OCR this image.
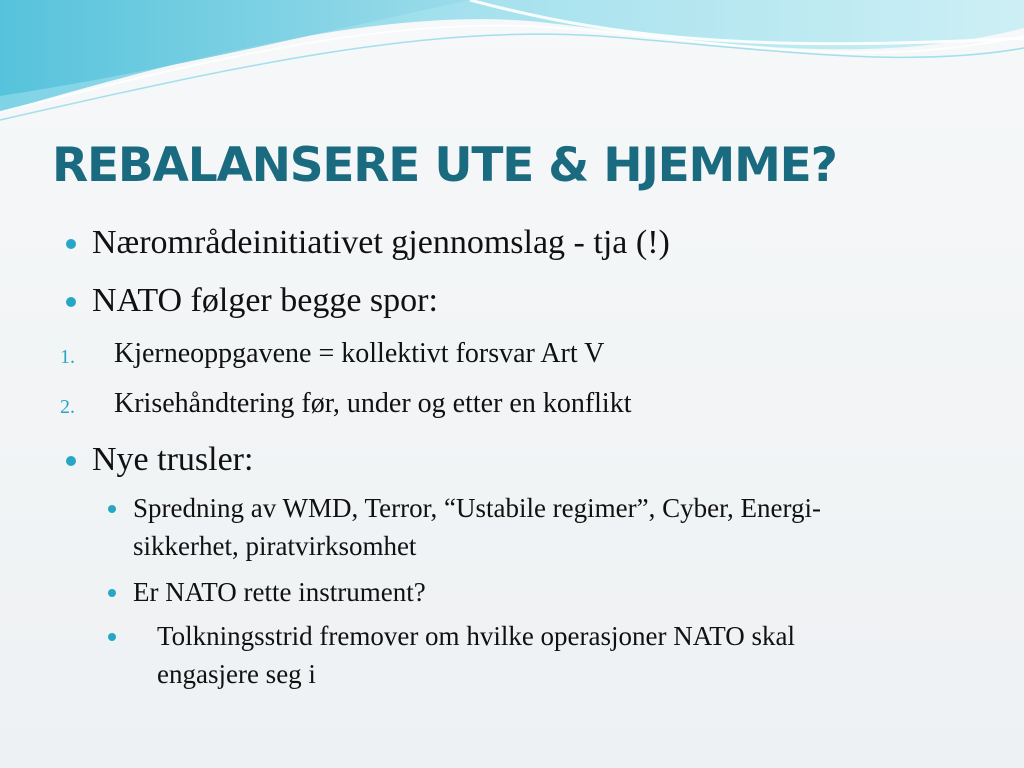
REBALANSERE UTE & HJEMME?
Nærområdeinitiativet gjennomslag - tja (!)
NATO følger begge spor:
1. Kjerneoppgavene = kollektivt forsvar Art V
2. Krisehåndtering før, under og etter en konflikt
Nye trusler:
Spredning av WMD, Terror, “Ustabile regimer”, Cyber, Energi-
sikkerhet, piratvirksomhet
Er NATO rette instrument?
Tolkningsstrid fremover om hvilke operasjoner NATO skal
engasjere seg i
